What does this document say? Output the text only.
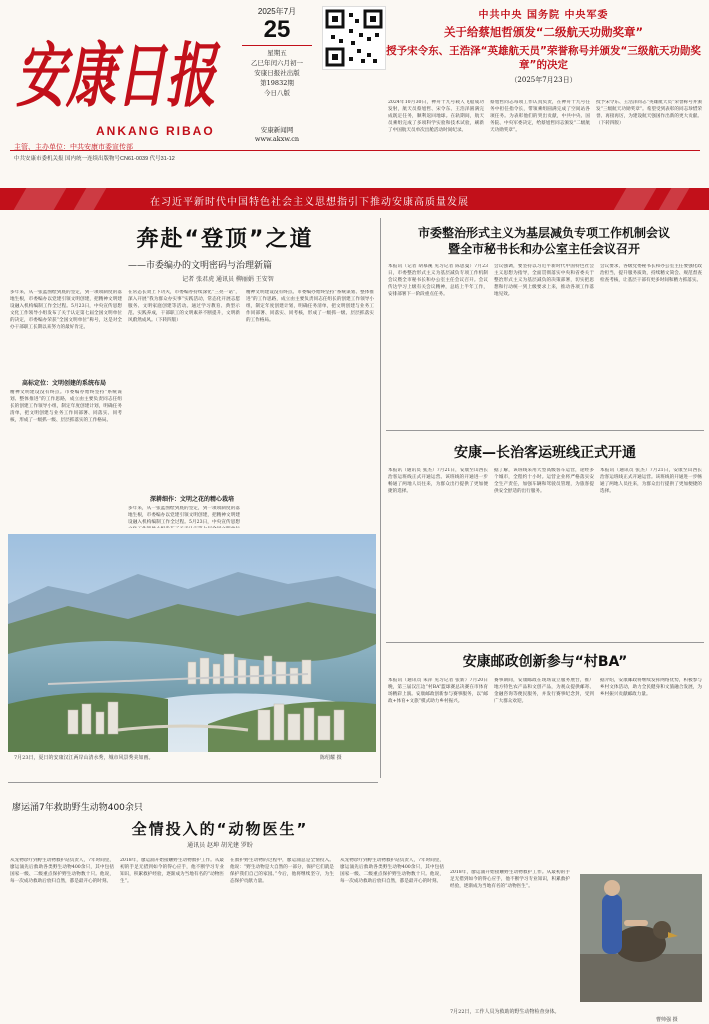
安康日报
ANKANG RIBAO
主管、主办单位：中共安康市委宣传部
2025年7月
25
星期五
乙巳年闰六月初一
安康日报社出版
第19832期
今日八版
安康新闻网
www.akxw.cn
中共安康市委机关报 国内统一连续出版物号CN61-0039 代号31-12
中共中央 国务院 中央军委
关于给蔡旭哲颁发“二级航天功勋奖章”
授予宋令东、王浩泽“英雄航天员”荣誉称号并颁发“三级航天功勋奖章”的决定
（2025年7月23日）
2024年10月30日，神舟十九号载人飞船成功发射，航天员蔡旭哲、宋令东、王浩泽圆满完成既定任务，顺利返回地球。在轨期间，航天员乘组完成了多项科学实验和技术试验，刷新了中国航天员单次出舱活动时间纪录。
蔡旭哲同志每项工作认真负责，在神舟十九号任务中担任指令长，带领乘组圆满完成了空间站各项任务。为表彰他们的突出贡献，中共中央、国务院、中央军委决定，给蔡旭哲同志颁发“二级航天功勋奖章”。
授予宋令东、王浩泽同志“英雄航天员”荣誉称号并颁发“三级航天功勋奖章”。希望受到表彰的同志珍惜荣誉、再接再厉，为建设航天强国作出新的更大贡献。（下转四版）
在习近平新时代中国特色社会主义思想指引下推动安康高质量发展
奔赴“登顶”之道
——市委编办的文明密码与治理新篇
记者 张君虎 通讯员 柳丽娟 王安智
多年来，从一张蓝图绘到底的坚定，到一项项制度的落地生根，市委编办以党建引领文明创建，把精神文明建设融入机构编制工作全过程。5月23日，中央宣传思想文化工作领导小组发布了关于认定第七届全国文明单位的决定，市委编办荣获“全国文明单位”称号，这是对全办干部职工长期以来努力的最好肯定。
高标定位：文明创建的系统布局
精神文明建设没有终点。市委编办始终坚持“系统谋划、整体推进”的工作思路，成立由主要负责同志任组长的创建工作领导小组，制定年度创建计划，明确任务清单，把文明创建与业务工作同部署、同落实、同考核，形成了一级抓一级、层层抓落实的工作格局。
在常态长效上下功夫，市委编办持续深化“三亮一诺”，深入开展“我为群众办实事”实践活动，常态化开展志愿服务、文明家庭创建等活动。通过学习教育、典型示范、实践养成，干部职工的文明素养不断提升，文明新风蔚然成风。（下转四版）
深耕细作：文明之花的精心栽培
多年来，从一张蓝图绘到底的坚定，到一项项制度的落地生根，市委编办以党建引领文明创建，把精神文明建设融入机构编制工作全过程。5月23日，中央宣传思想
精神文明建设没有终点。市委编办始终坚持“系统谋划、整体推进”的工作思路，成立由主要负责同志任组长的创建工作领导小组，制定年度创建计划，明确任务清单，把文明创建与业务工作同部署、同落实、同考核，形成了一级抓一级、层层抓落实的工作格局。
7月23日，夏日的安康汉江两岸山清水秀，城市风景秀美如画。	陈绍耀 摄
市委整治形式主义为基层减负专项工作机制会议
暨全市秘书长和办公室主任会议召开
本报讯（记者 胡慕溪 见习记者 陈思曼）7月23日，市委整治形式主义为基层减负专项工作机制会议暨全市秘书长和办公室主任会议召开。会议传达学习上级有关会议精神，总结上半年工作，安排部署下一阶段重点任务。
会议强调，要坚持以习近平新时代中国特色社会主义思想为指导，全面贯彻落实中央和省委关于整治形式主义为基层减负的决策部署，切实把思想和行动统一到上级要求上来，推动各项工作落地见效。
会议要求，各级党委秘书长和办公室主任要强化政治担当，提升服务质效，持续精文简会、规范督查检查考核，让基层干部有更多时间和精力抓落实。
安康—长治客运班线正式开通
本报讯（通讯员 张杰）7月21日，安康至山西长治客运班线正式开通运营。该班线的开通进一步畅通了两地人员往来，为群众出行提供了更加便捷的选择。
据了解，该班线采用大型高级客车运营，途经多个城市，全程约十小时。运营企业将严格落实安全生产责任，加强车辆和驾驶员管理，为旅客提供安全舒适的出行服务。
本报讯（通讯员 张杰）7月21日，安康至山西长治客运班线正式开通运营。该班线的开通进一步畅通了两地人员往来，为群众出行提供了更加便捷的选择。
安康邮政创新参与“村BA”
本报讯（通讯员 朱萍 见习记者 张新）7月20日晚，第三届汉江边“村BA”篮球赛总决赛在市体育场精彩上演。安康邮政创新参与赛事服务，以“邮政+体育+文旅”模式助力乡村振兴。
赛事期间，安康邮政在现场设立服务展台，推广地方特色农产品和文创产品，为观众提供邮寄、金融咨询等便民服务，并发行赛事纪念封，受到广大群众欢迎。
据介绍，安康邮政将继续发挥网络优势，积极参与乡村文体活动，助力全民健身和文旅融合发展，为乡村振兴贡献邮政力量。
廖运涌7年救助野生动物400余只
全情投入的“动物医生”
通讯员 赵坤 胡光建 罗盼
从宠物诊疗到野生动物救护站负责人，7年时间里，廖运涌先后救助各类野生动物400余只，其中包括国家一级、二级重点保护野生动物数十只。他说，每一次成功救助后放归自然，都是最开心的时刻。
2018年，廖运涌开始接触野生动物救护工作。从最初的手足无措到如今的得心应手，他不断学习专业知识，积累救护经验，逐渐成为当地有名的“动物医生”。
在救护野生动物的过程中，廖运涌总是全情投入。他说：“野生动物是大自然的一部分，保护它们就是保护我们自己的家园。”今后，他将继续坚守，为生态保护贡献力量。
从宠物诊疗到野生动物救护站负责人，7年时间里，廖运涌先后救助各类野生动物400余只，其中包括国家一级、二级重点保护野生动物数十只。他说，每一次成功救助后放归自然，都是最开心的时刻。
2018年，廖运涌开始接触野生动物救护工作。从最初的手足无措到如今的得心应手，他不断学习专业知识，积累救护经验，逐渐成为当地有名的“动物医生”。
7月22日，工作人员为救助的野生动物检查身体。
曹帅强 摄
